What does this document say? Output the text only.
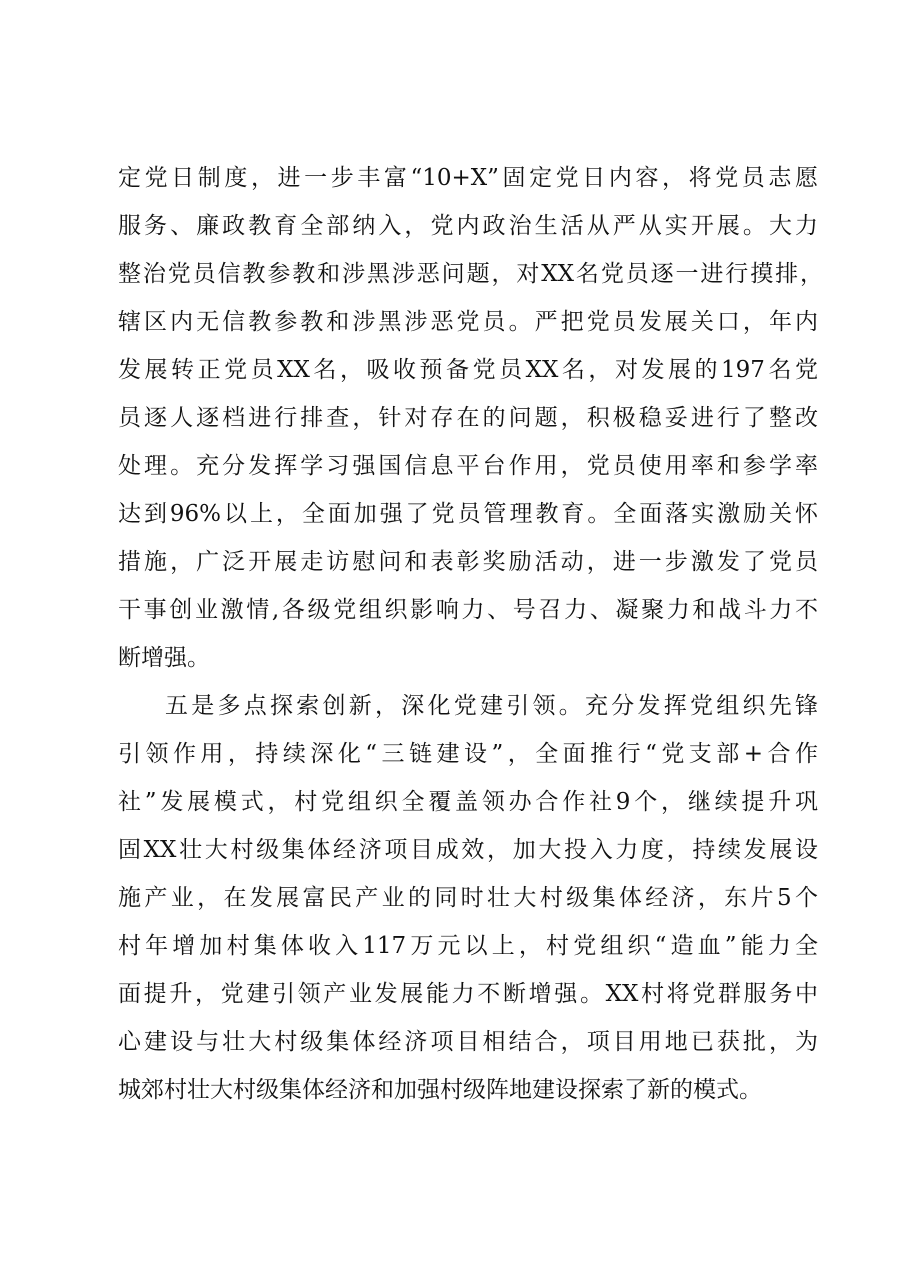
定党日制度，进一步丰富“10+X”固定党日内容，将党员志愿
服务、廉政教育全部纳入，党内政治生活从严从实开展。大力
整治党员信教参教和涉黑涉恶问题，对XX名党员逐一进行摸排，
辖区内无信教参教和涉黑涉恶党员。严把党员发展关口，年内
发展转正党员XX名，吸收预备党员XX名，对发展的197名党
员逐人逐档进行排查，针对存在的问题，积极稳妥进行了整改
处理。充分发挥学习强国信息平台作用，党员使用率和参学率
达到96%以上，全面加强了党员管理教育。全面落实激励关怀
措施，广泛开展走访慰问和表彰奖励活动，进一步激发了党员
干事创业激情,各级党组织影响力、号召力、凝聚力和战斗力不
断增强。
五是多点探索创新，深化党建引领。充分发挥党组织先锋
引领作用，持续深化“三链建设”，全面推行“党支部+合作
社”发展模式，村党组织全覆盖领办合作社9个，继续提升巩
固XX壮大村级集体经济项目成效，加大投入力度，持续发展设
施产业，在发展富民产业的同时壮大村级集体经济，东片5个
村年增加村集体收入117万元以上，村党组织“造血”能力全
面提升，党建引领产业发展能力不断增强。XX村将党群服务中
心建设与壮大村级集体经济项目相结合，项目用地已获批，为
城郊村壮大村级集体经济和加强村级阵地建设探索了新的模式。
